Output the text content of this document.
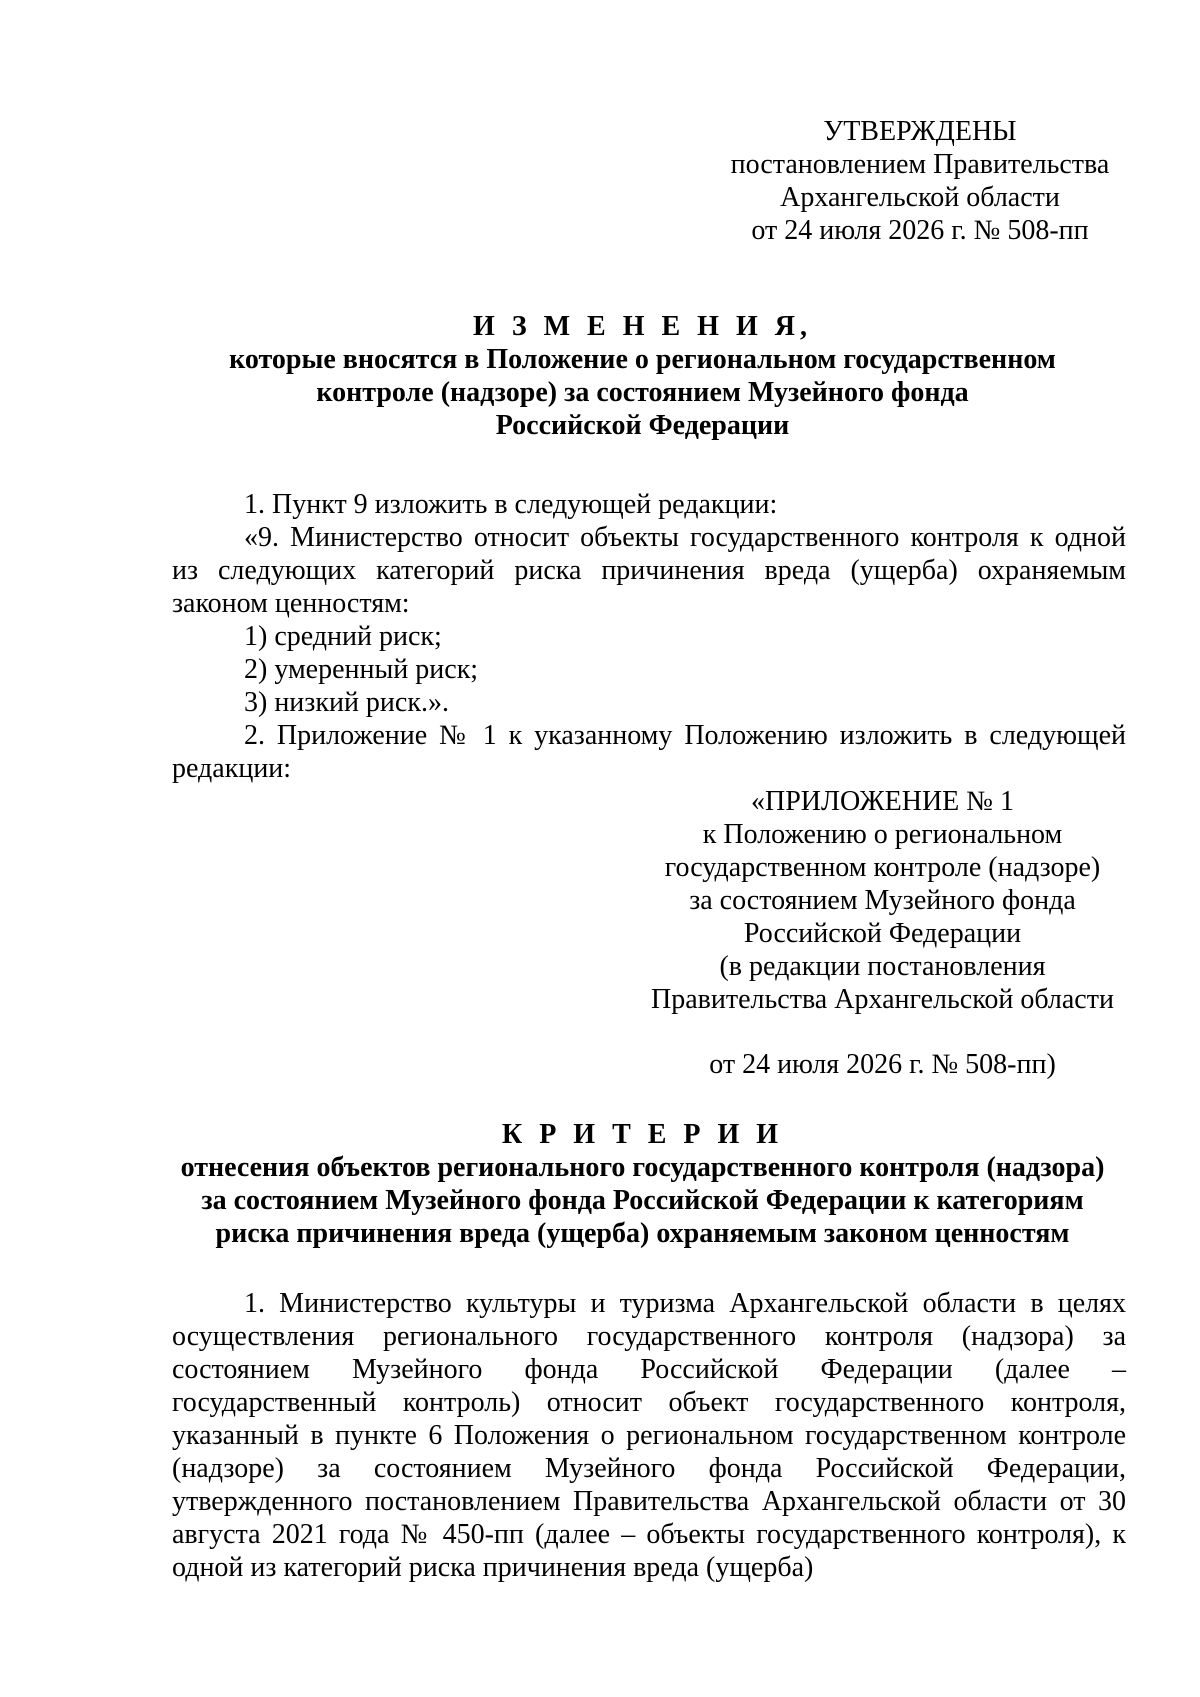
УТВЕРЖДЕНЫ
постановлением Правительства
Архангельской области
от 24 июля 2026 г. № 508-пп
И З М Е Н Е Н И Я,
которые вносятся в Положение о региональном государственном
контроле (надзоре) за состоянием Музейного фонда
Российской Федерации

1. Пункт 9 изложить в следующей редакции:

«9. Министерство относит объекты государственного контроля к одной из следующих категорий риска причинения вреда (ущерба) охраняемым законом ценностям:

1) средний риск;

2) умеренный риск;

3) низкий риск.».

2. Приложение № 1 к указанному Положению изложить в следующей редакции:

«ПРИЛОЖЕНИЕ № 1
к Положению о региональном
государственном контроле (надзоре)
за состоянием Музейного фонда
Российской Федерации
(в редакции постановления
Правительства Архангельской области
от 24 июля 2026 г. № 508-пп)
К Р И Т Е Р И И
отнесения объектов регионального государственного контроля (надзора)
за состоянием Музейного фонда Российской Федерации к категориям
риска причинения вреда (ущерба) охраняемым законом ценностям

1. Министерство культуры и туризма Архангельской области в целях осуществления регионального государственного контроля (надзора) за состоянием Музейного фонда Российской Федерации (далее – государственный контроль) относит объект государственного контроля, указанный в пункте 6 Положения о региональном государственном контроле (надзоре) за состоянием Музейного фонда Российской Федерации, утвержденного постановлением Правительства Архангельской области от 30 августа 2021 года № 450-пп (далее – объекты государственного контроля), к одной из категорий риска причинения вреда (ущерба)
